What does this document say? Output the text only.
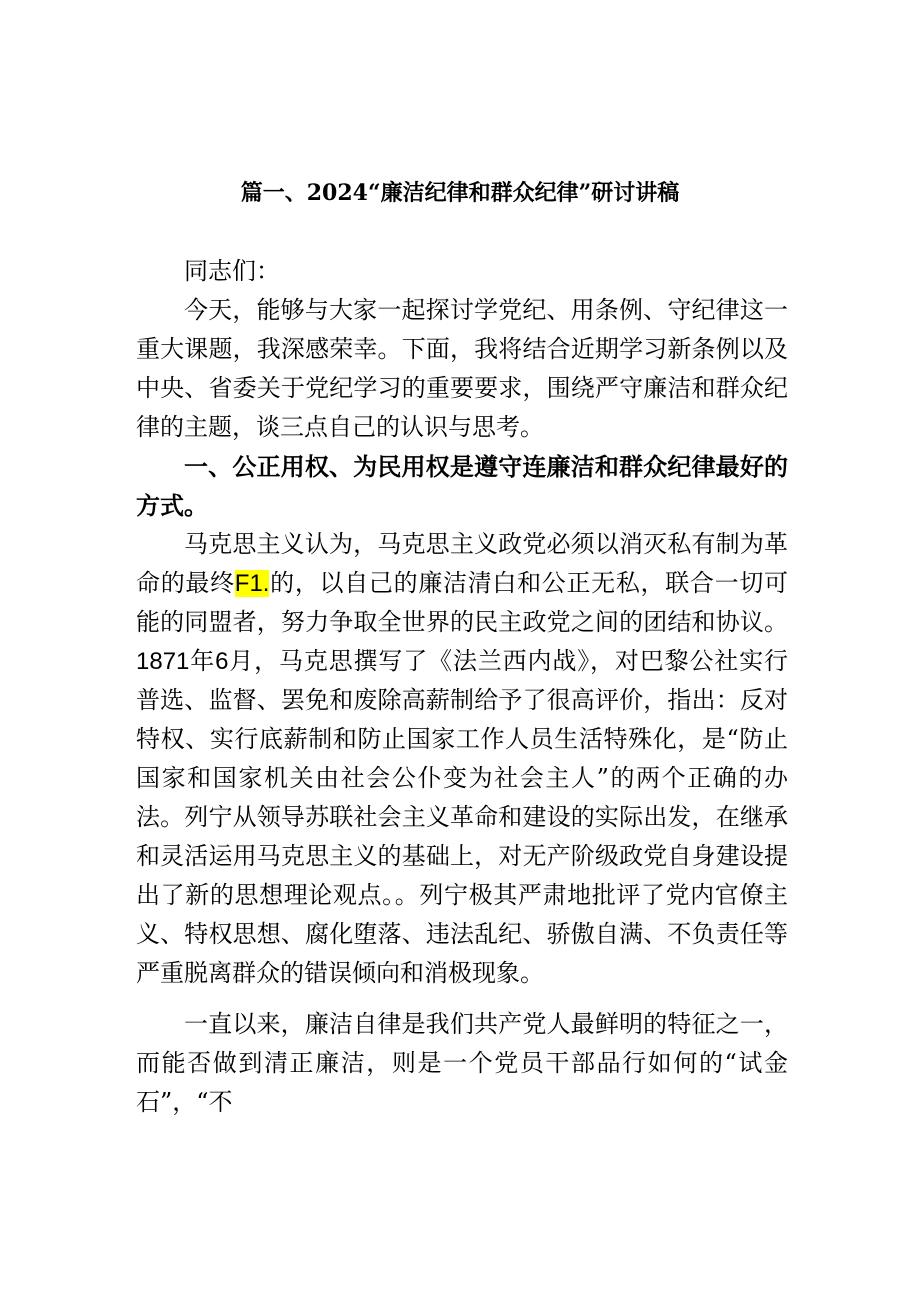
篇一、2024“廉洁纪律和群众纪律”研讨讲稿

同志们：

今天，能够与大家一起探讨学党纪、用条例、守纪律这一重大课题，我深感荣幸。下面，我将结合近期学习新条例以及中央、省委关于党纪学习的重要要求，围绕严守廉洁和群众纪律的主题，谈三点自己的认识与思考。

一、公正用权、为民用权是遵守连廉洁和群众纪律最好的方式。

马克思主义认为，马克思主义政党必须以消灭私有制为革命的最终F1.的，以自己的廉洁清白和公正无私，联合一切可能的同盟者，努力争取全世界的民主政党之间的团结和协议。1871年6月，马克思撰写了《法兰西内战》，对巴黎公社实行普选、监督、罢免和废除高薪制给予了很高评价，指出：反对特权、实行底薪制和防止国家工作人员生活特殊化，是“防止国家和国家机关由社会公仆变为社会主人”的两个正确的办法。列宁从领导苏联社会主义革命和建设的实际出发，在继承和灵活运用马克思主义的基础上，对无产阶级政党自身建设提出了新的思想理论观点。。列宁极其严肃地批评了党内官僚主义、特权思想、腐化堕落、违法乱纪、骄傲自满、不负责任等严重脱离群众的错误倾向和消极现象。

一直以来，廉洁自律是我们共产党人最鲜明的特征之一，而能否做到清正廉洁，则是一个党员干部品行如何的“试金石”，“不
